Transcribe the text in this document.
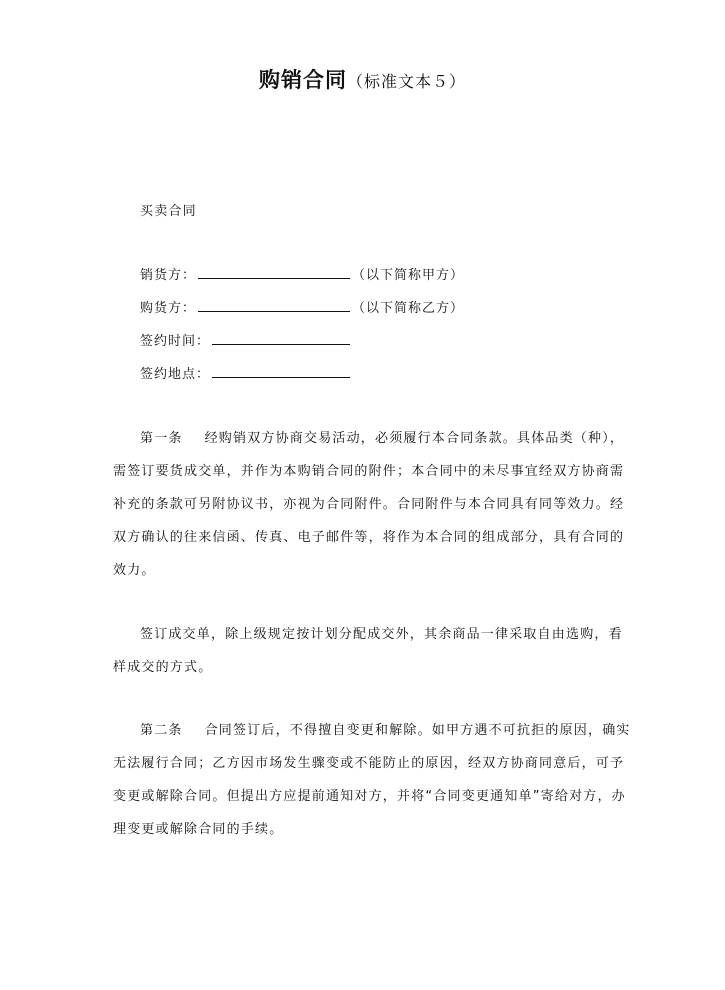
购销合同（标准文本５）
买卖合同
销货方：	（以下简称甲方）
购货方：	（以下简称乙方）
签约时间：
签约地点：
第一条 经购销双方协商交易活动，必须履行本合同条款。具体品类（种），
需签订要货成交单，并作为本购销合同的附件；本合同中的未尽事宜经双方协商需
补充的条款可另附协议书，亦视为合同附件。合同附件与本合同具有同等效力。经
双方确认的往来信函、传真、电子邮件等，将作为本合同的组成部分，具有合同的
效力。
签订成交单，除上级规定按计划分配成交外，其余商品一律采取自由选购，看
样成交的方式。
第二条 合同签订后，不得擅自变更和解除。如甲方遇不可抗拒的原因，确实
无法履行合同；乙方因市场发生骤变或不能防止的原因，经双方协商同意后，可予
变更或解除合同。但提出方应提前通知对方，并将“合同变更通知单”寄给对方，办
理变更或解除合同的手续。
